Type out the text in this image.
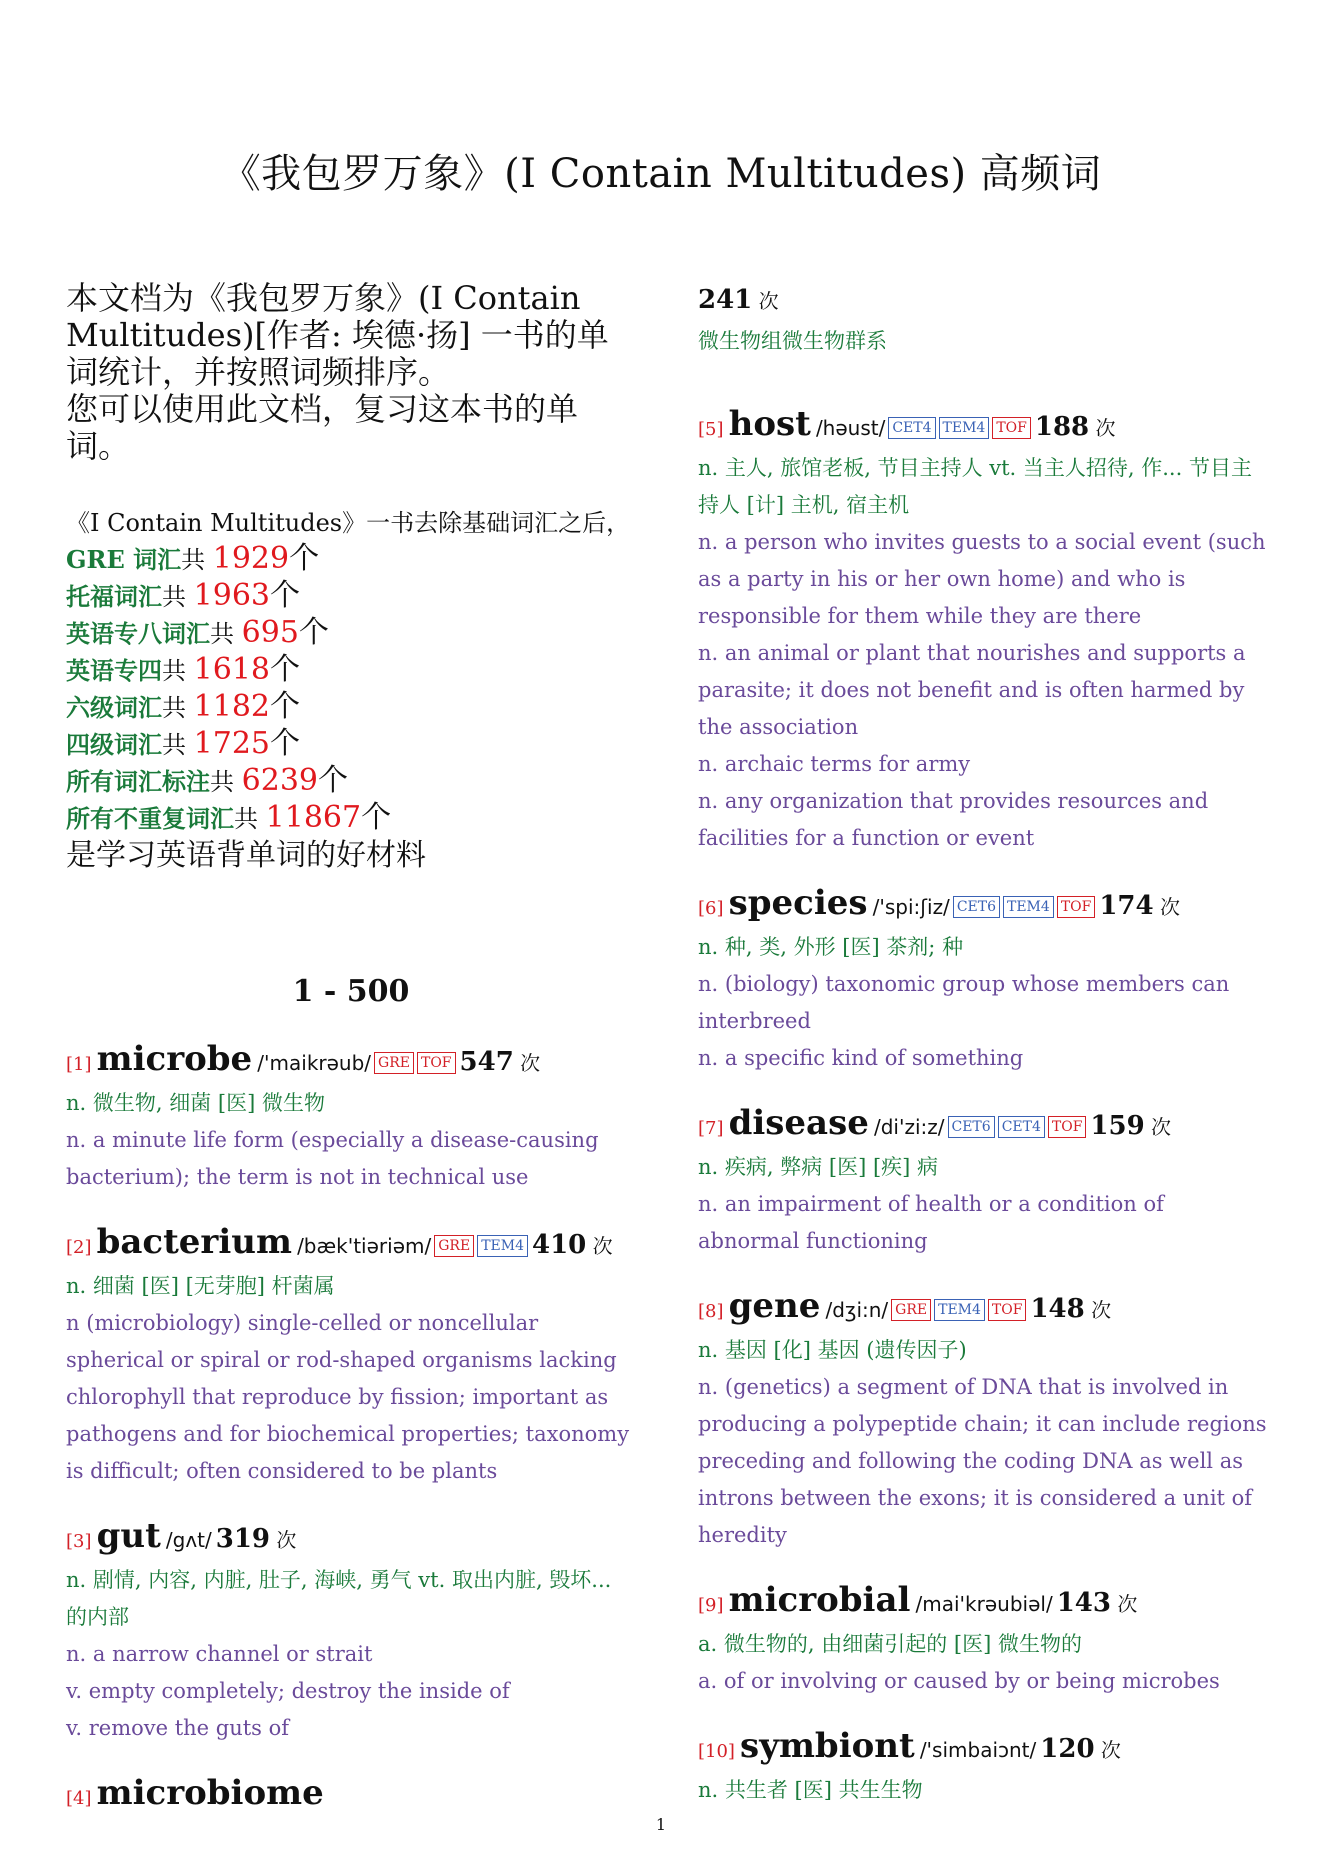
《我包罗万象》(I Contain Multitudes) 高频词

本文档为《我包罗万象》(I Contain Multitudes)[作者: 埃德·扬] 一书的单词统计，并按照词频排序。

您可以使用此文档，复习这本书的单词。

《I Contain Multitudes》一书去除基础词汇之后，
GRE 词汇共 1929个
托福词汇共 1963个
英语专八词汇共 695个
英语专四共 1618个
六级词汇共 1182个
四级词汇共 1725个
所有词汇标注共 6239个
所有不重复词汇共 11867个
是学习英语背单词的好材料
1 - 500
[1] microbe /'maikrəub/ GRE TOF 547 次
n. 微生物, 细菌 [医] 微生物
n. a minute life form (especially a disease-causing bacterium); the term is not in technical use
[2] bacterium /bæk'tiəriəm/ GRE TEM4 410 次
n. 细菌 [医] [无芽胞] 杆菌属
n (microbiology) single-celled or noncellular spherical or spiral or rod-shaped organisms lacking chlorophyll that reproduce by fission; important as pathogens and for biochemical properties; taxonomy is difficult; often considered to be plants
[3] gut /gʌt/ 319 次
n. 剧情, 内容, 内脏, 肚子, 海峡, 勇气 vt. 取出内脏, 毁坏... 的内部
n. a narrow channel or strait
v. empty completely; destroy the inside of
v. remove the guts of
[4] microbiome
241 次
微生物组微生物群系
[5] host /həust/ CET4 TEM4 TOF 188 次
n. 主人, 旅馆老板, 节目主持人 vt. 当主人招待, 作... 节目主持人 [计] 主机, 宿主机
n. a person who invites guests to a social event (such as a party in his or her own home) and who is responsible for them while they are there
n. an animal or plant that nourishes and supports a parasite; it does not benefit and is often harmed by the association
n. archaic terms for army
n. any organization that provides resources and facilities for a function or event
[6] species /'spi:ʃiz/ CET6 TEM4 TOF 174 次
n. 种, 类, 外形 [医] 茶剂; 种
n. (biology) taxonomic group whose members can interbreed
n. a specific kind of something
[7] disease /di'zi:z/ CET6 CET4 TOF 159 次
n. 疾病, 弊病 [医] [疾] 病
n. an impairment of health or a condition of abnormal functioning
[8] gene /dʒi:n/ GRE TEM4 TOF 148 次
n. 基因 [化] 基因 (遗传因子)
n. (genetics) a segment of DNA that is involved in producing a polypeptide chain; it can include regions preceding and following the coding DNA as well as introns between the exons; it is considered a unit of heredity
[9] microbial /mai'krəubiəl/ 143 次
a. 微生物的, 由细菌引起的 [医] 微生物的
a. of or involving or caused by or being microbes
[10] symbiont /'simbaiɔnt/ 120 次
n. 共生者 [医] 共生生物
1
